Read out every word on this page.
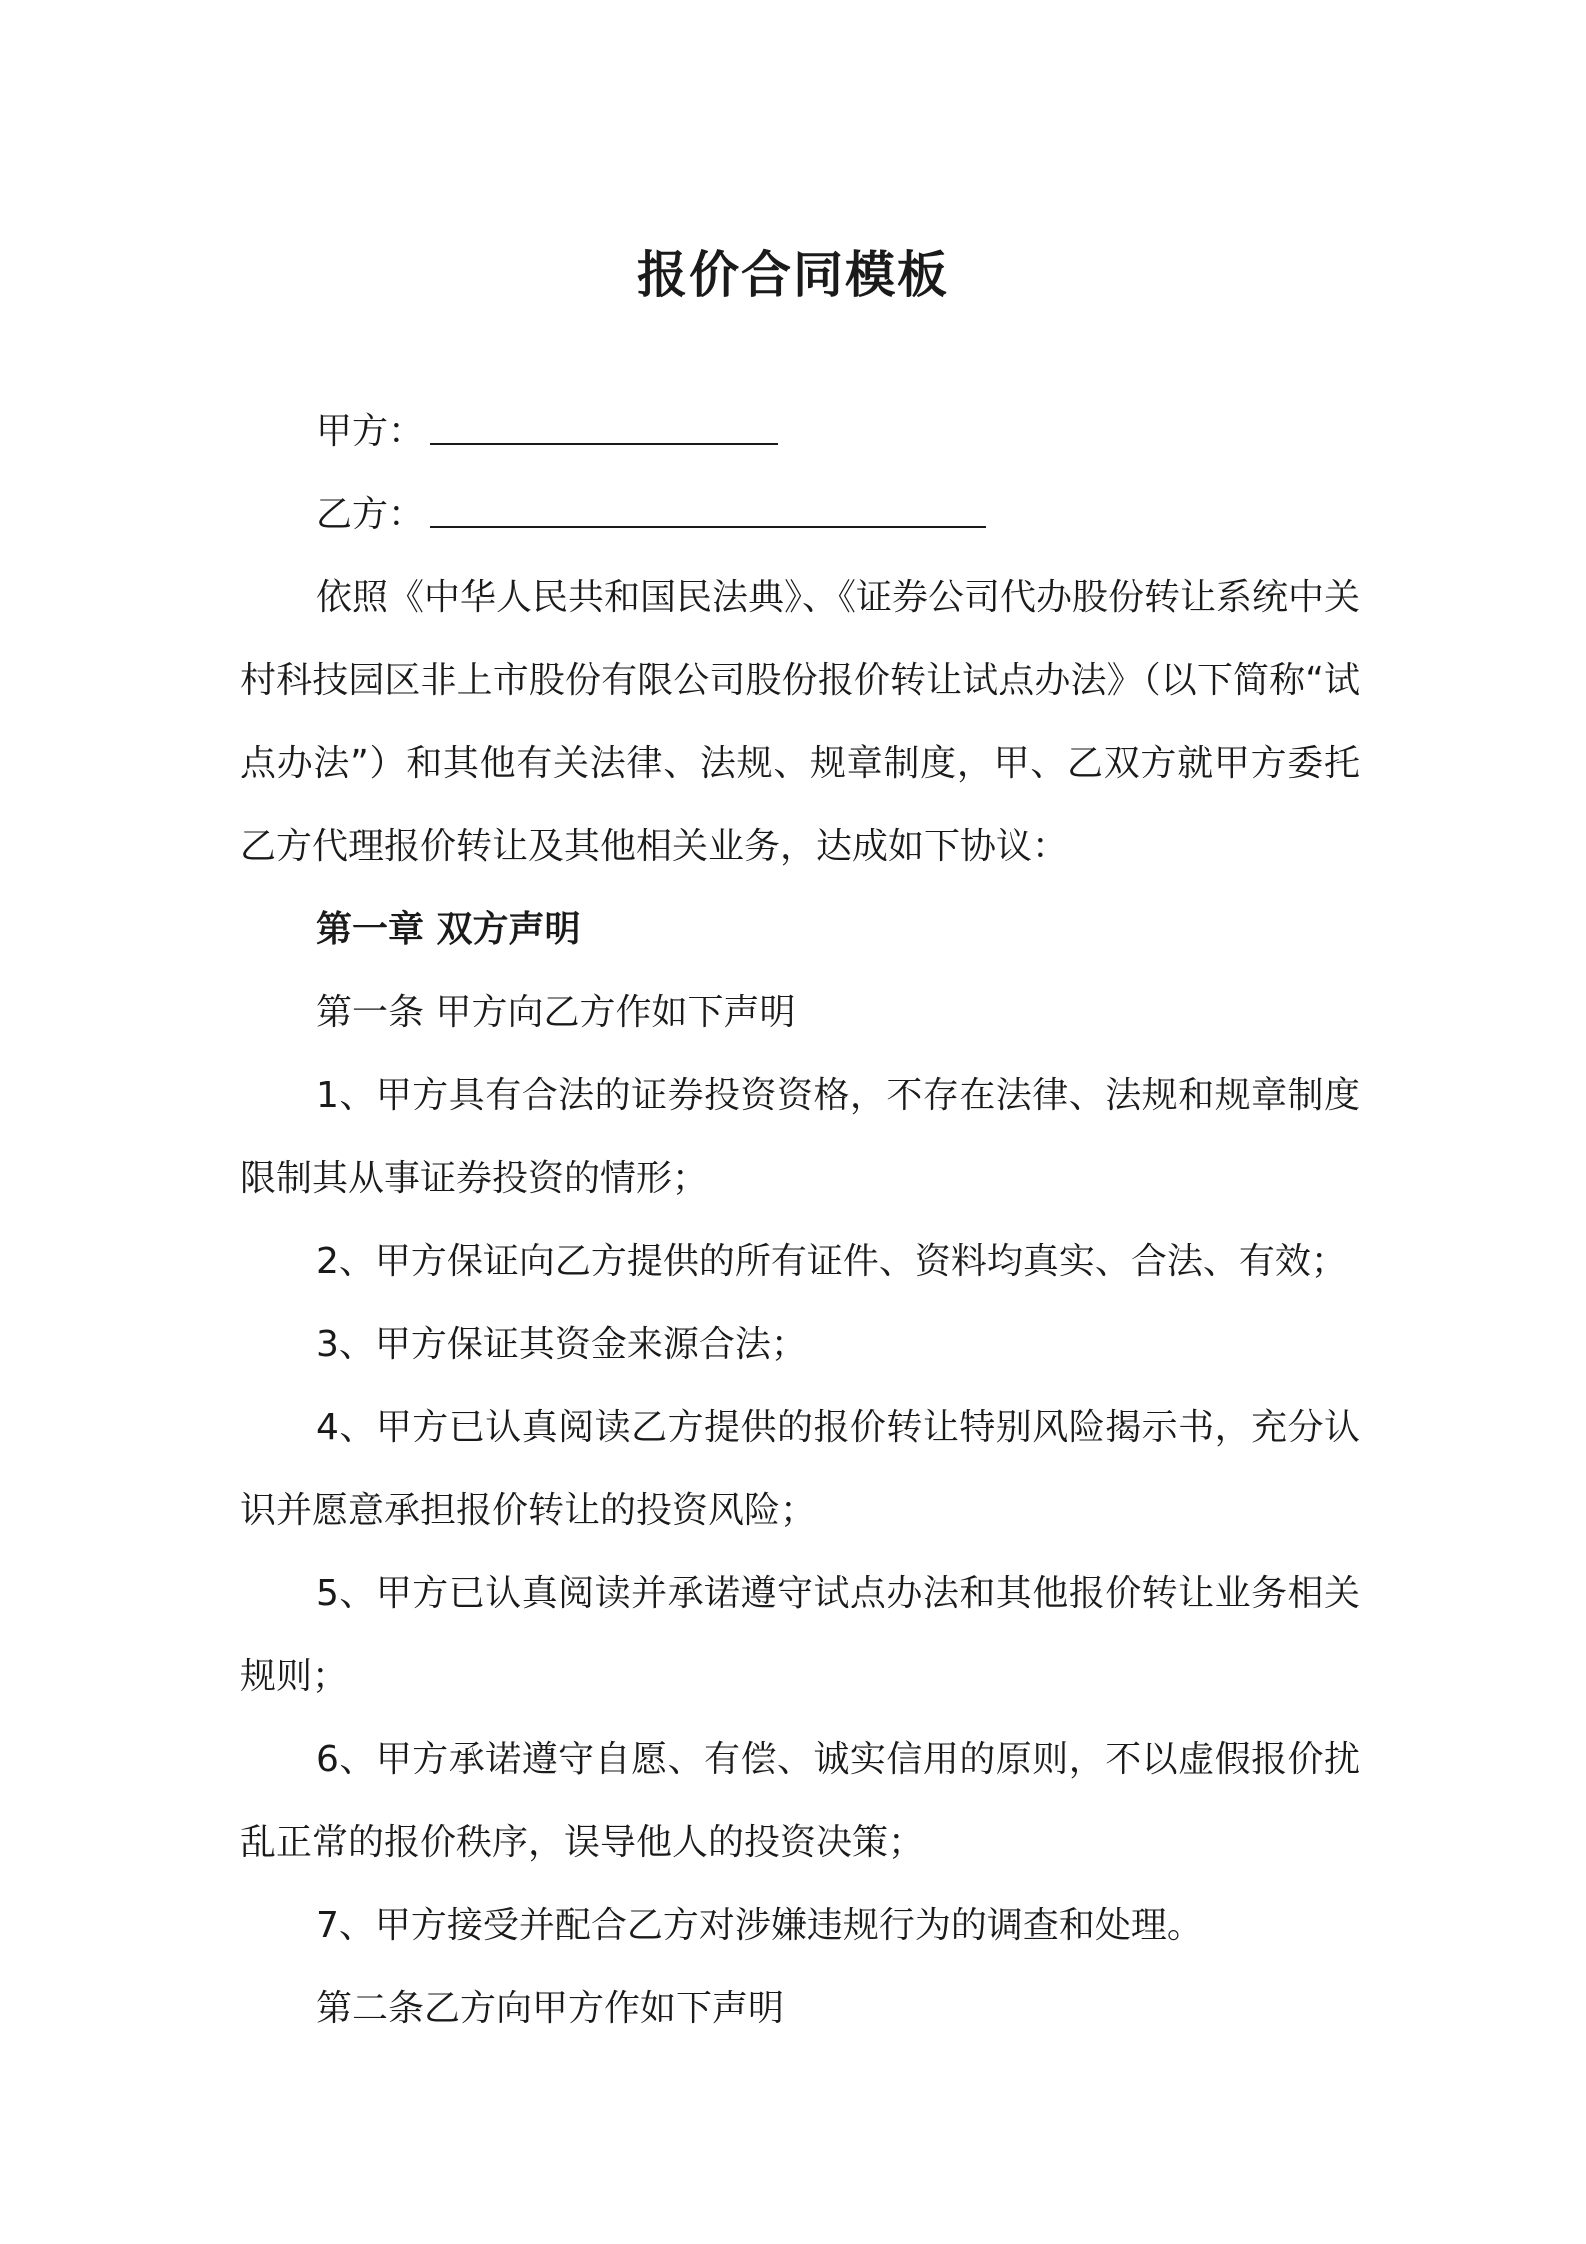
报价合同模板
甲方：
乙方：

依照《中华人民共和国民法典》、《证券公司代办股份转让系统中关村科技园区非上市股份有限公司股份报价转让试点办法》（以下简称“试点办法”）和其他有关法律、法规、规章制度，甲、乙双方就甲方委托乙方代理报价转让及其他相关业务，达成如下协议：

第一章 双方声明

第一条 甲方向乙方作如下声明

1、甲方具有合法的证券投资资格，不存在法律、法规和规章制度限制其从事证券投资的情形；

2、甲方保证向乙方提供的所有证件、资料均真实、合法、有效；

3、甲方保证其资金来源合法；

4、甲方已认真阅读乙方提供的报价转让特别风险揭示书，充分认识并愿意承担报价转让的投资风险；

5、甲方已认真阅读并承诺遵守试点办法和其他报价转让业务相关规则；

6、甲方承诺遵守自愿、有偿、诚实信用的原则，不以虚假报价扰乱正常的报价秩序，误导他人的投资决策；

7、甲方接受并配合乙方对涉嫌违规行为的调查和处理。

第二条乙方向甲方作如下声明
